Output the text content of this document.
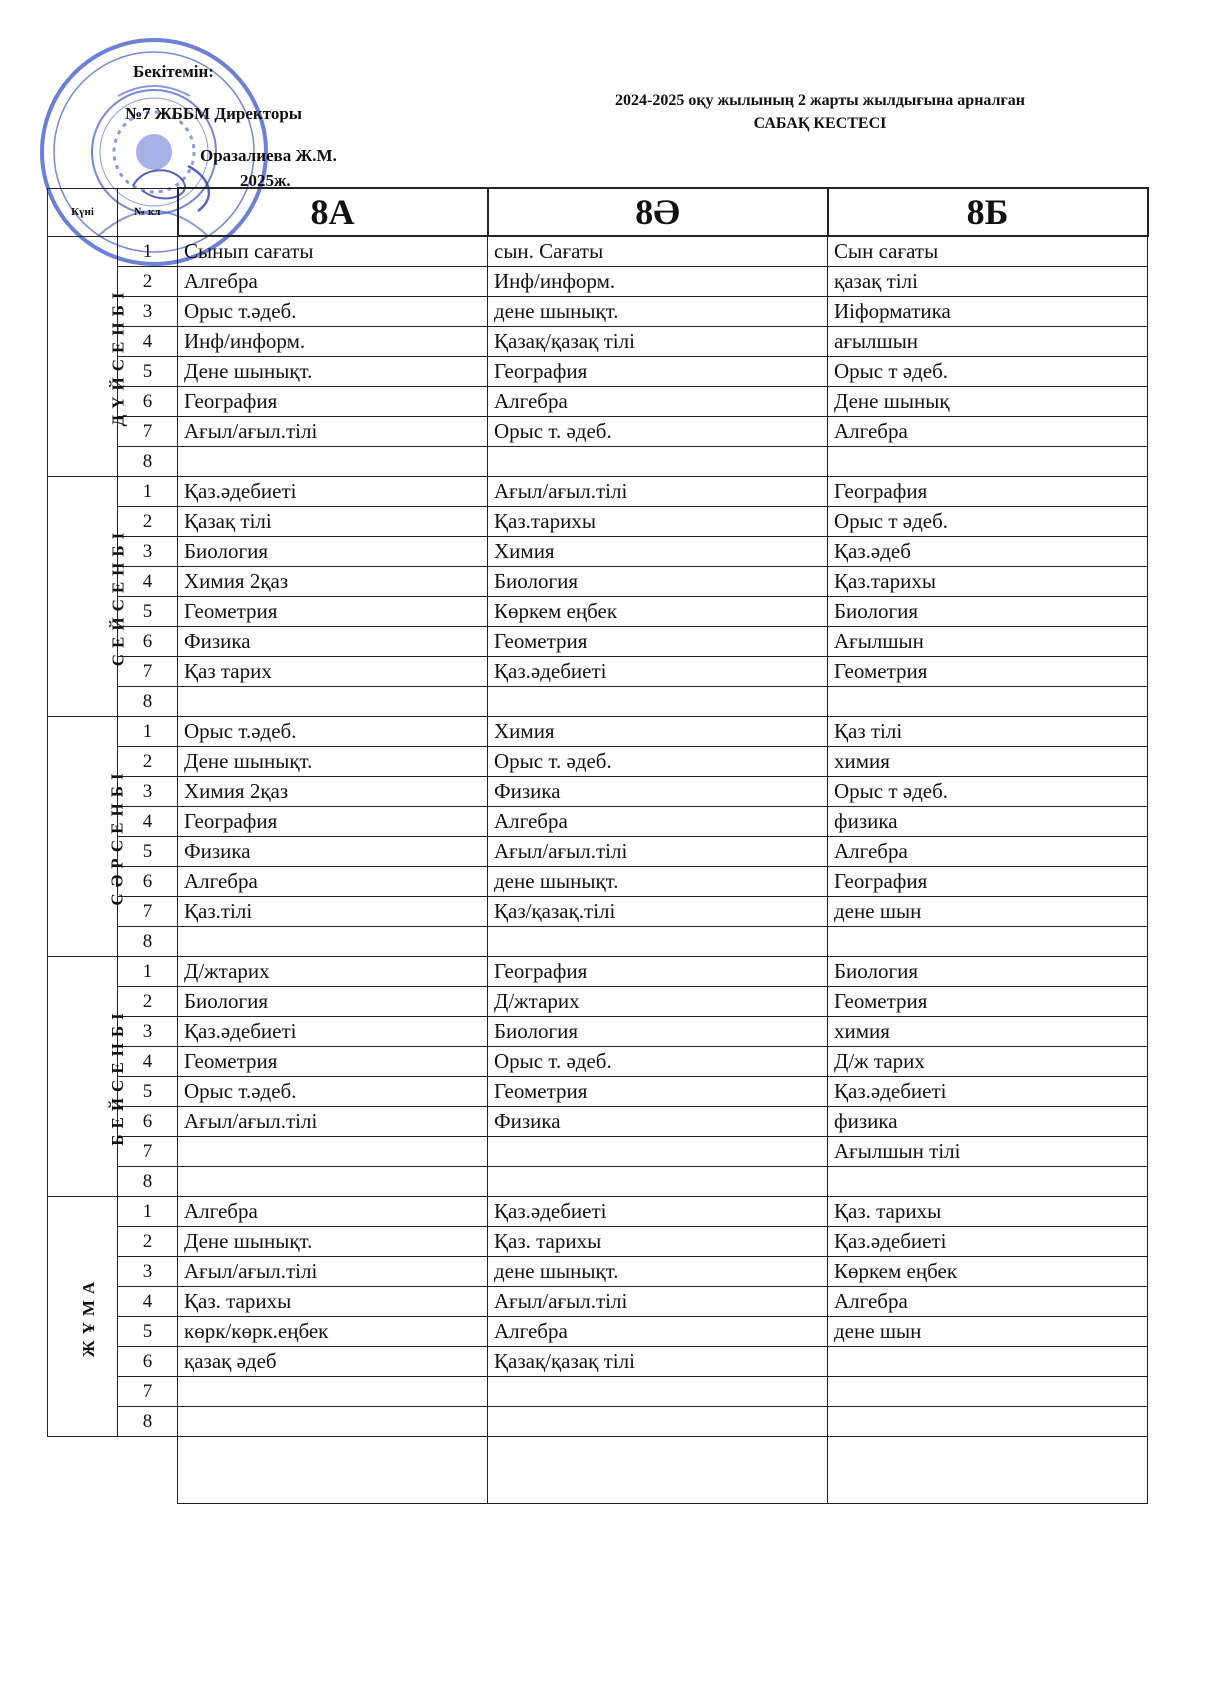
Бекітемін:
№7 ЖББМ Директоры
Оразалиева Ж.М.
2025ж.
2024-2025 оқу жылының 2 жарты жылдығына арналған
САБАҚ КЕСТЕСІ
Күні	№ кл	8А	8Ә	8Б
ДҮЙСЕНБІ	1	Сынып сағаты	сын. Сағаты	Сын сағаты
	2	Алгебра	Инф/информ.	қазақ тілі
	3	Орыс т.әдеб.	дене шынықт.	Иіформатика
	4	Инф/информ.	Қазақ/қазақ тілі	ағылшын
	5	Дене шынықт.	География	Орыс т әдеб.
	6	География	Алгебра	Дене шынық
	7	Ағыл/ағыл.тілі	Орыс т. әдеб.	Алгебра
	8			
СЕЙСЕНБІ	1	Қаз.әдебиеті	Ағыл/ағыл.тілі	География
	2	Қазақ тілі	Қаз.тарихы	Орыс т әдеб.
	3	Биология	Химия	Қаз.әдеб
	4	Химия 2қаз	Биология	Қаз.тарихы
	5	Геометрия	Көркем еңбек	Биология
	6	Физика	Геометрия	Ағылшын
	7	Қаз тарих	Қаз.әдебиеті	Геометрия
	8			
СӘРСЕНБІ	1	Орыс т.әдеб.	Химия	Қаз тілі
	2	Дене шынықт.	Орыс т. әдеб.	химия
	3	Химия 2қаз	Физика	Орыс т әдеб.
	4	География	Алгебра	физика
	5	Физика	Ағыл/ағыл.тілі	Алгебра
	6	Алгебра	дене шынықт.	География
	7	Қаз.тілі	Қаз/қазақ.тілі	дене шын
	8			
БЕЙСЕНБІ	1	Д/жтарих	География	Биология
	2	Биология	Д/жтарих	Геометрия
	3	Қаз.әдебиеті	Биология	химия
	4	Геометрия	Орыс т. әдеб.	Д/ж тарих
	5	Орыс т.әдеб.	Геометрия	Қаз.әдебиеті
	6	Ағыл/ағыл.тілі	Физика	физика
	7			Ағылшын тілі
	8			
ЖҰМА	1	Алгебра	Қаз.әдебиеті	Қаз. тарихы
	2	Дене шынықт.	Қаз. тарихы	Қаз.әдебиеті
	3	Ағыл/ағыл.тілі	дене шынықт.	Көркем еңбек
	4	Қаз. тарихы	Ағыл/ағыл.тілі	Алгебра
	5	көрк/көрк.еңбек	Алгебра	дене шын
	6	қазақ әдеб	Қазақ/қазақ тілі	
	7			
	8			
